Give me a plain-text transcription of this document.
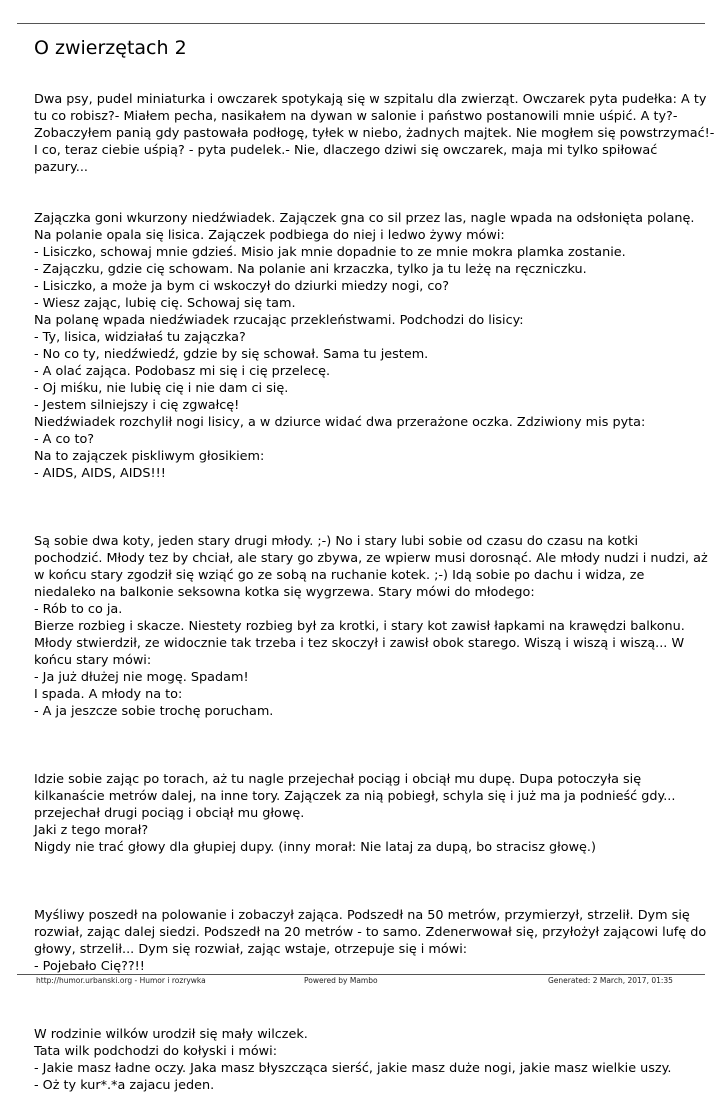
O zwierzętach 2
Dwa psy, pudel miniaturka i owczarek spotykają się w szpitalu dla zwierząt. Owczarek pyta pudełka: A ty
tu co robisz?- Miałem pecha, nasikałem na dywan w salonie i państwo postanowili mnie uśpić. A ty?-
Zobaczyłem panią gdy pastowała podłogę, tyłek w niebo, żadnych majtek. Nie mogłem się powstrzymać!-
I co, teraz ciebie uśpią? - pyta pudelek.- Nie, dlaczego dziwi się owczarek, maja mi tylko spiłować
pazury...
Zajączka goni wkurzony niedźwiadek. Zajączek gna co sil przez las, nagle wpada na odsłonięta polanę.
Na polanie opala się lisica. Zajączek podbiega do niej i ledwo żywy mówi:
- Lisiczko, schowaj mnie gdzieś. Misio jak mnie dopadnie to ze mnie mokra plamka zostanie.
- Zajączku, gdzie cię schowam. Na polanie ani krzaczka, tylko ja tu leżę na ręczniczku.
- Lisiczko, a może ja bym ci wskoczył do dziurki miedzy nogi, co?
- Wiesz zając, lubię cię. Schowaj się tam.
Na polanę wpada niedźwiadek rzucając przekleństwami. Podchodzi do lisicy:
- Ty, lisica, widziałaś tu zajączka?
- No co ty, niedźwiedź, gdzie by się schował. Sama tu jestem.
- A olać zająca. Podobasz mi się i cię przelecę.
- Oj miśku, nie lubię cię i nie dam ci się.
- Jestem silniejszy i cię zgwałcę!
Niedźwiadek rozchylił nogi lisicy, a w dziurce widać dwa przerażone oczka. Zdziwiony mis pyta:
- A co to?
Na to zajączek piskliwym głosikiem:
- AIDS, AIDS, AIDS!!!

Są sobie dwa koty, jeden stary drugi młody. ;-) No i stary lubi sobie od czasu do czasu na kotki
pochodzić. Młody tez by chciał, ale stary go zbywa, ze wpierw musi dorosnąć. Ale młody nudzi i nudzi, aż
w końcu stary zgodził się wziąć go ze sobą na ruchanie kotek. ;-) Idą sobie po dachu i widza, ze
niedaleko na balkonie seksowna kotka się wygrzewa. Stary mówi do młodego:
- Rób to co ja.
Bierze rozbieg i skacze. Niestety rozbieg był za krotki, i stary kot zawisł łapkami na krawędzi balkonu.
Młody stwierdził, ze widocznie tak trzeba i tez skoczył i zawisł obok starego. Wiszą i wiszą i wiszą... W
końcu stary mówi:
- Ja już dłużej nie mogę. Spadam!
I spada. A młody na to:
- A ja jeszcze sobie trochę porucham.

Idzie sobie zając po torach, aż tu nagle przejechał pociąg i obciął mu dupę. Dupa potoczyła się
kilkanaście metrów dalej, na inne tory. Zajączek za nią pobiegł, schyla się i już ma ja podnieść gdy...
przejechał drugi pociąg i obciął mu głowę.
Jaki z tego morał?
Nigdy nie trać głowy dla głupiej dupy. (inny morał: Nie lataj za dupą, bo stracisz głowę.)

Myśliwy poszedł na polowanie i zobaczył zająca. Podszedł na 50 metrów, przymierzył, strzelił. Dym się
rozwiał, zając dalej siedzi. Podszedł na 20 metrów - to samo. Zdenerwował się, przyłożył zającowi lufę do
głowy, strzelił... Dym się rozwiał, zając wstaje, otrzepuje się i mówi:
- Pojebało Cię??!!

W rodzinie wilków urodził się mały wilczek.
Tata wilk podchodzi do kołyski i mówi:
- Jakie masz ładne oczy. Jaka masz błyszcząca sierść, jakie masz duże nogi, jakie masz wielkie uszy.
- Oż ty kur*.*a zajacu jeden.
http://humor.urbanski.org - Humor i rozrywka	Powered by Mambo	Generated: 2 March, 2017, 01:35
